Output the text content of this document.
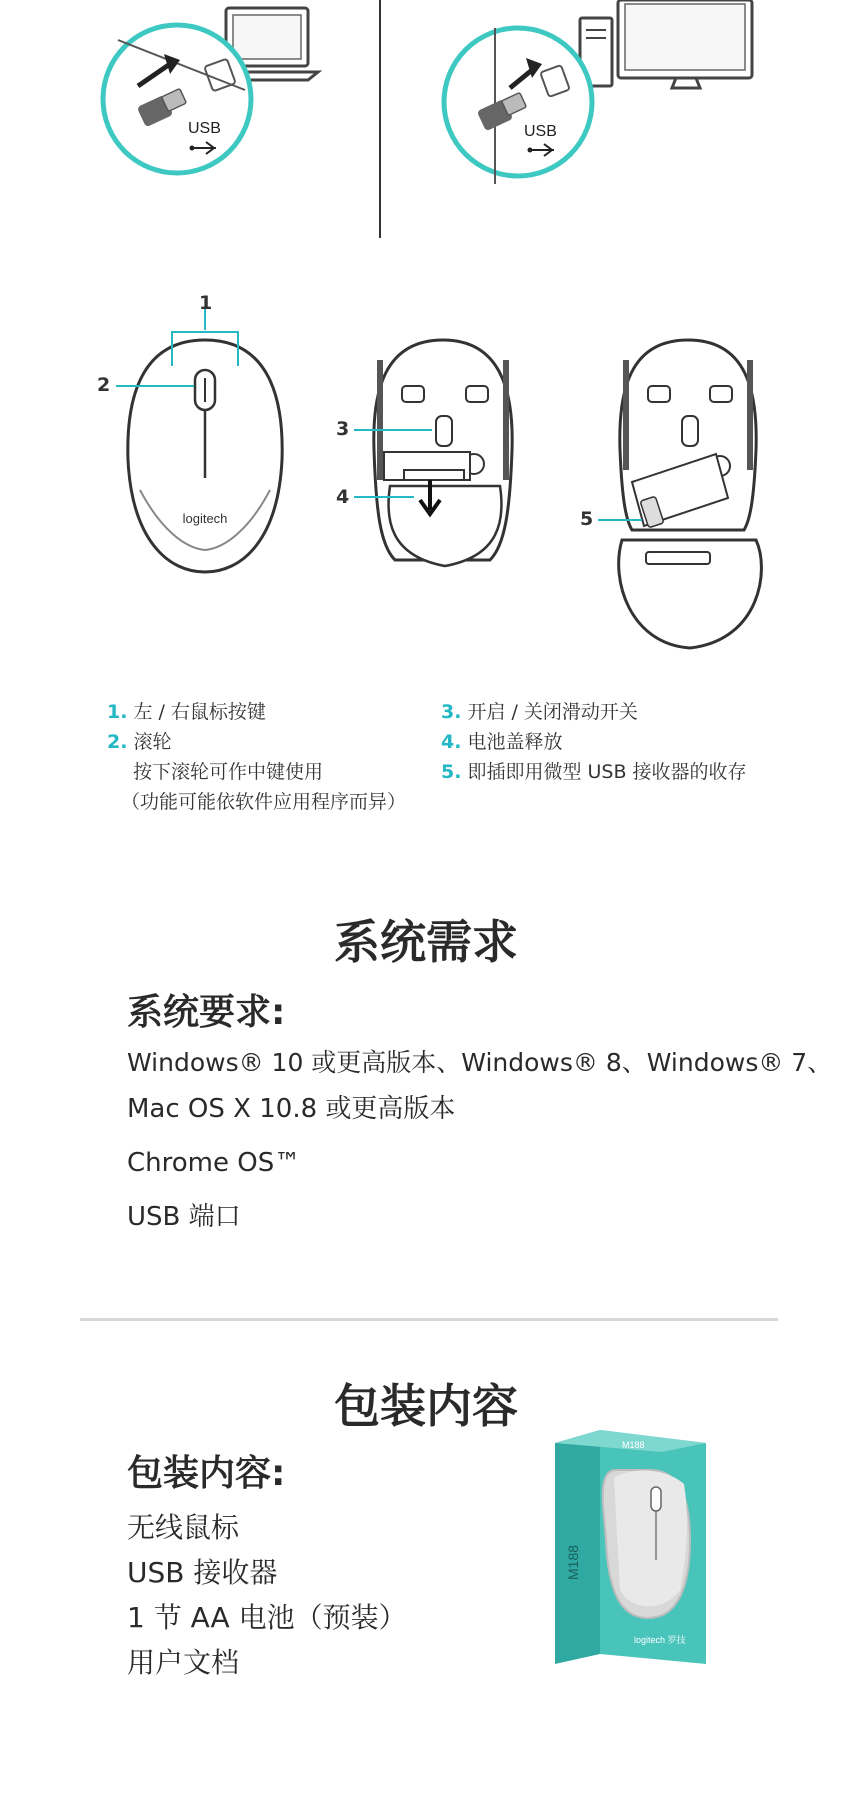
USB	USB
logitech
1
2
3
4
5
1. 左 / 右鼠标按键
2. 滚轮
按下滚轮可作中键使用
（功能可能依软件应用程序而异）
3. 开启 / 关闭滑动开关
4. 电池盖释放
5. 即插即用微型 USB 接收器的收存
系统需求
系统要求:
Windows® 10 或更高版本、Windows® 8、Windows® 7、
Mac OS X 10.8 或更高版本
Chrome OS™
USB 端口
包装内容
包装内容:
无线鼠标
USB 接收器
1 节 AA 电池（预装）
用户文档
M188
M188
logitech 罗技
